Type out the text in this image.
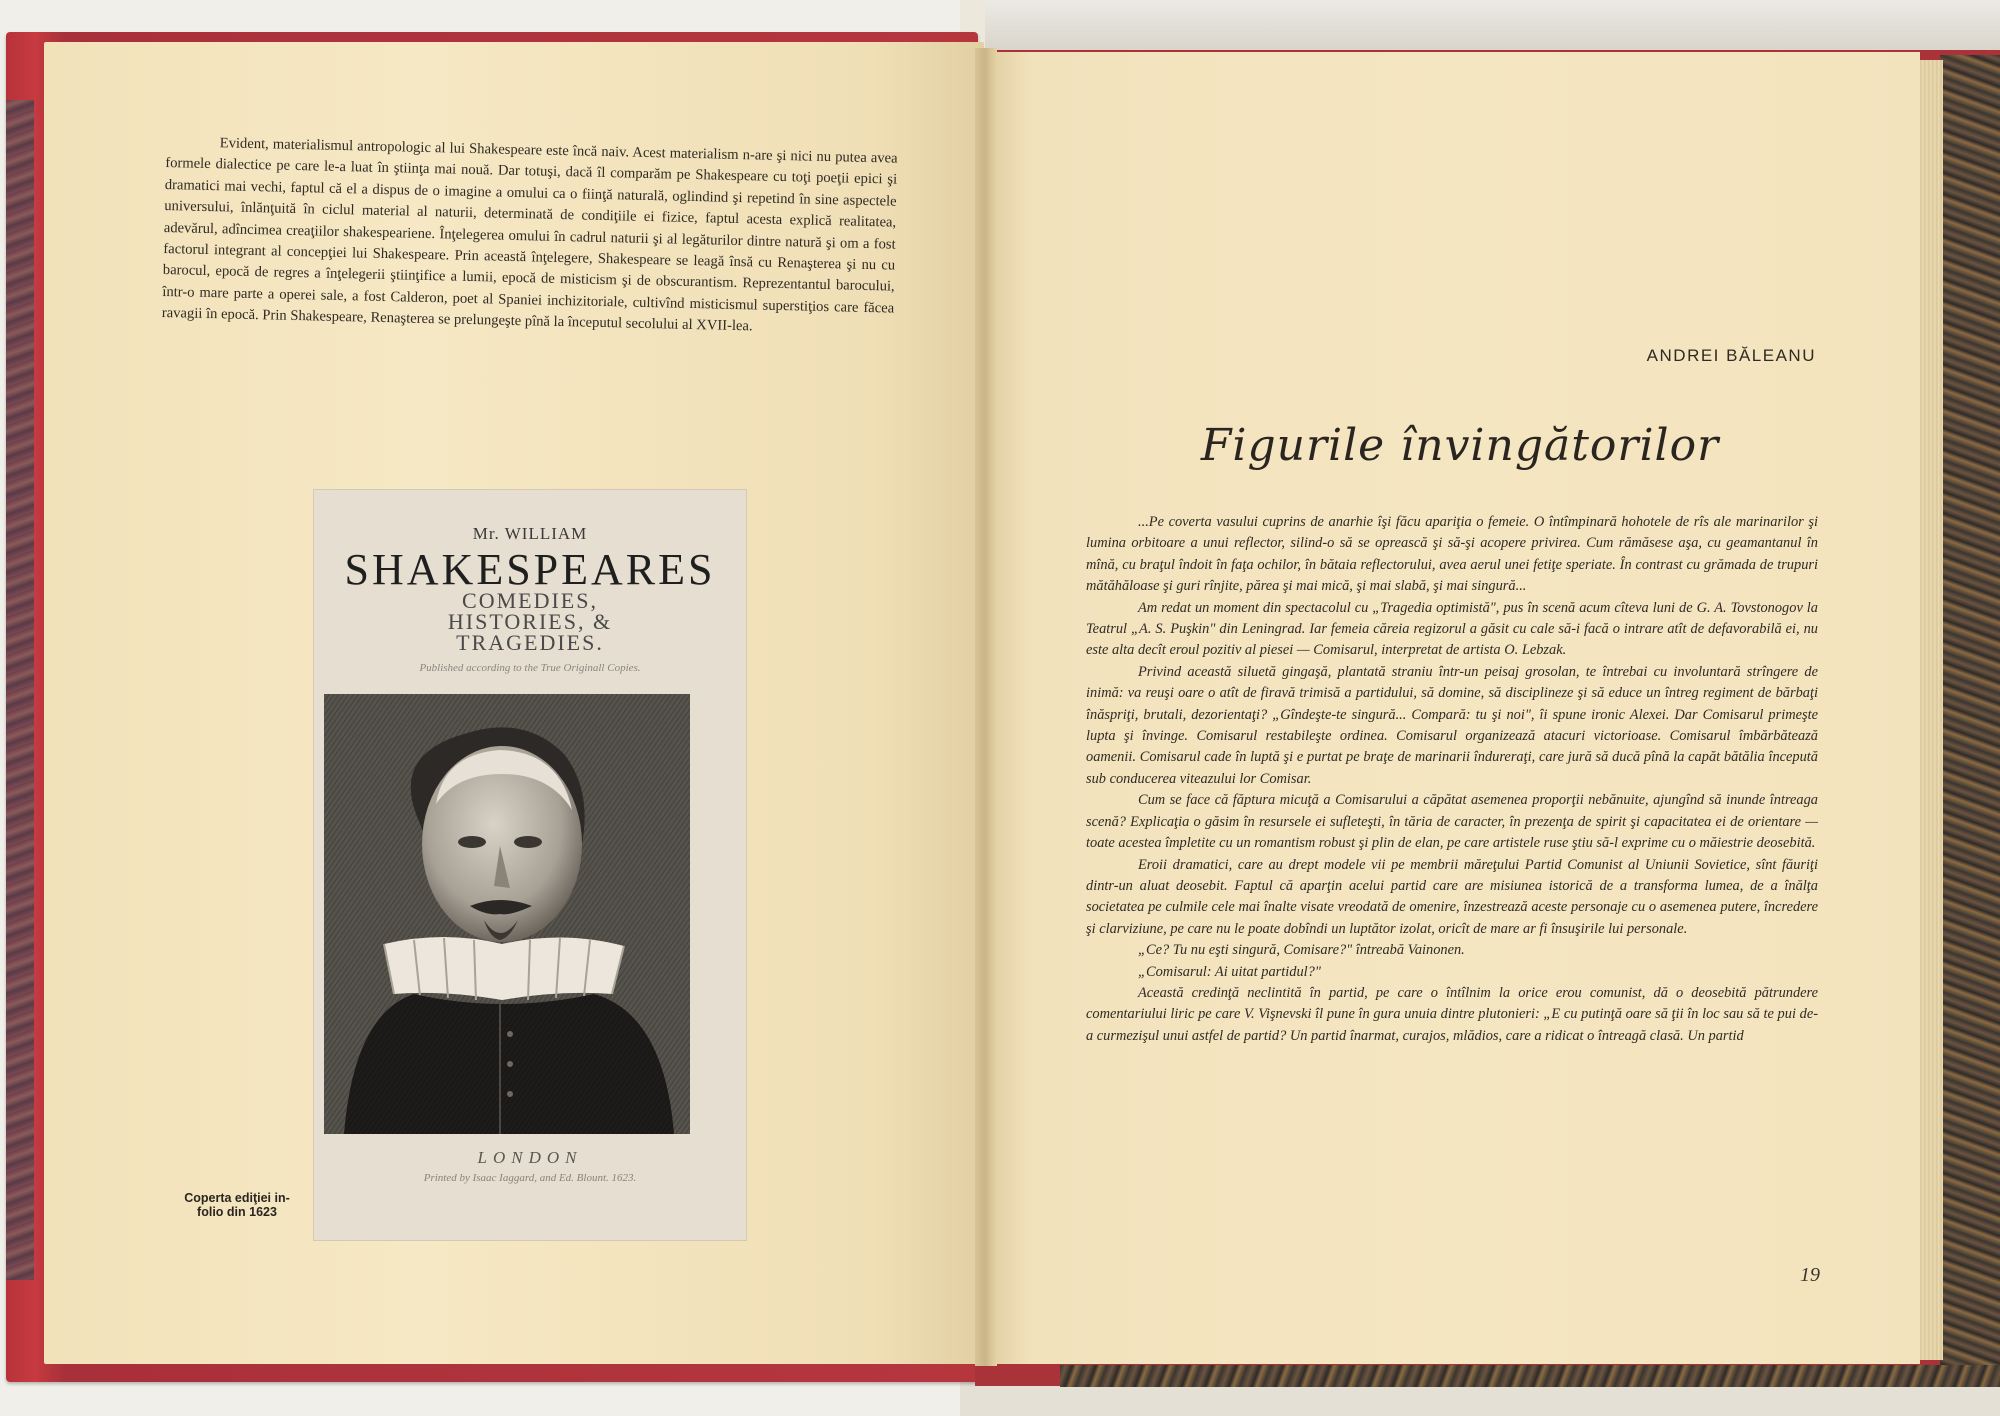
Evident, materialismul antropologic al lui Shakespeare este încă naiv. Acest materialism n-are şi nici nu putea avea formele dialectice pe care le-a luat în ştiinţa mai nouă. Dar totuşi, dacă îl comparăm pe Shakespeare cu toţi poeţii epici şi dramatici mai vechi, faptul că el a dispus de o imagine a omului ca o fiinţă naturală, oglindind şi repetind în sine aspectele universului, înlănţuită în ciclul material al naturii, determinată de condiţiile ei fizice, faptul acesta explică realitatea, adevărul, adîncimea creaţiilor shakespeariene. Înţelegerea omului în cadrul naturii şi al legăturilor dintre natură şi om a fost factorul integrant al concepţiei lui Shakespeare. Prin această înţelegere, Shakespeare se leagă însă cu Renaşterea şi nu cu barocul, epocă de regres a înţelegerii ştiinţifice a lumii, epocă de misticism şi de obscurantism. Reprezentantul barocului, într-o mare parte a operei sale, a fost Calderon, poet al Spaniei inchizitoriale, cultivînd misticismul superstiţios care făcea ravagii în epocă. Prin Shakespeare, Renaşterea se prelungeşte pînă la începutul secolului al XVII-lea.

Mr. WILLIAM
SHAKESPEARES
COMEDIES,
HISTORIES, &
TRAGEDIES.
Published according to the True Originall Copies.
LONDON
Printed by Isaac Iaggard, and Ed. Blount. 1623.
Coperta ediţiei in-folio din 1623
ANDREI BĂLEANU
Figurile învingătorilor

...Pe coverta vasului cuprins de anarhie îşi făcu apariţia o femeie. O întîmpinară hohotele de rîs ale marinarilor şi lumina orbitoare a unui reflector, silind-o să se oprească şi să-şi acopere privirea. Cum rămăsese aşa, cu geamantanul în mînă, cu braţul îndoit în faţa ochilor, în bătaia reflectorului, avea aerul unei fetiţe speriate. În contrast cu grămada de trupuri mătăhăloase şi guri rînjite, părea şi mai mică, şi mai slabă, şi mai singură...

Am redat un moment din spectacolul cu „Tragedia optimistă", pus în scenă acum cîteva luni de G. A. Tovstonogov la Teatrul „A. S. Puşkin" din Leningrad. Iar femeia căreia regizorul a găsit cu cale să-i facă o intrare atît de defavorabilă ei, nu este alta decît eroul pozitiv al piesei — Comisarul, interpretat de artista O. Lebzak.

Privind această siluetă gingaşă, plantată straniu într-un peisaj grosolan, te întrebai cu involuntară strîngere de inimă: va reuşi oare o atît de firavă trimisă a partidului, să domine, să disciplineze şi să educe un întreg regiment de bărbaţi înăspriţi, brutali, dezorientaţi? „Gîndeşte-te singură... Compară: tu şi noi", îi spune ironic Alexei. Dar Comisarul primeşte lupta şi învinge. Comisarul restabileşte ordinea. Comisarul organizează atacuri victorioase. Comisarul îmbărbătează oamenii. Comisarul cade în luptă şi e purtat pe braţe de marinarii îndureraţi, care jură să ducă pînă la capăt bătălia începută sub conducerea viteazului lor Comisar.

Cum se face că făptura micuţă a Comisarului a căpătat asemenea proporţii nebănuite, ajungînd să inunde întreaga scenă? Explicaţia o găsim în resursele ei sufleteşti, în tăria de caracter, în prezenţa de spirit şi capacitatea ei de orientare — toate acestea împletite cu un romantism robust şi plin de elan, pe care artistele ruse ştiu să-l exprime cu o măiestrie deosebită.

Eroii dramatici, care au drept modele vii pe membrii măreţului Partid Comunist al Uniunii Sovietice, sînt făuriţi dintr-un aluat deosebit. Faptul că aparţin acelui partid care are misiunea istorică de a transforma lumea, de a înălţa societatea pe culmile cele mai înalte visate vreodată de omenire, înzestrează aceste personaje cu o asemenea putere, încredere şi clarviziune, pe care nu le poate dobîndi un luptător izolat, oricît de mare ar fi însuşirile lui personale.

„Ce? Tu nu eşti singură, Comisare?" întreabă Vainonen.

„Comisarul: Ai uitat partidul?"

Această credinţă neclintită în partid, pe care o întîlnim la orice erou comunist, dă o deosebită pătrundere comentariului liric pe care V. Vişnevski îl pune în gura unuia dintre plutonieri: „E cu putinţă oare să ţii în loc sau să te pui de-a curmezişul unui astfel de partid? Un partid înarmat, curajos, mlădios, care a ridicat o întreagă clasă. Un partid

19
